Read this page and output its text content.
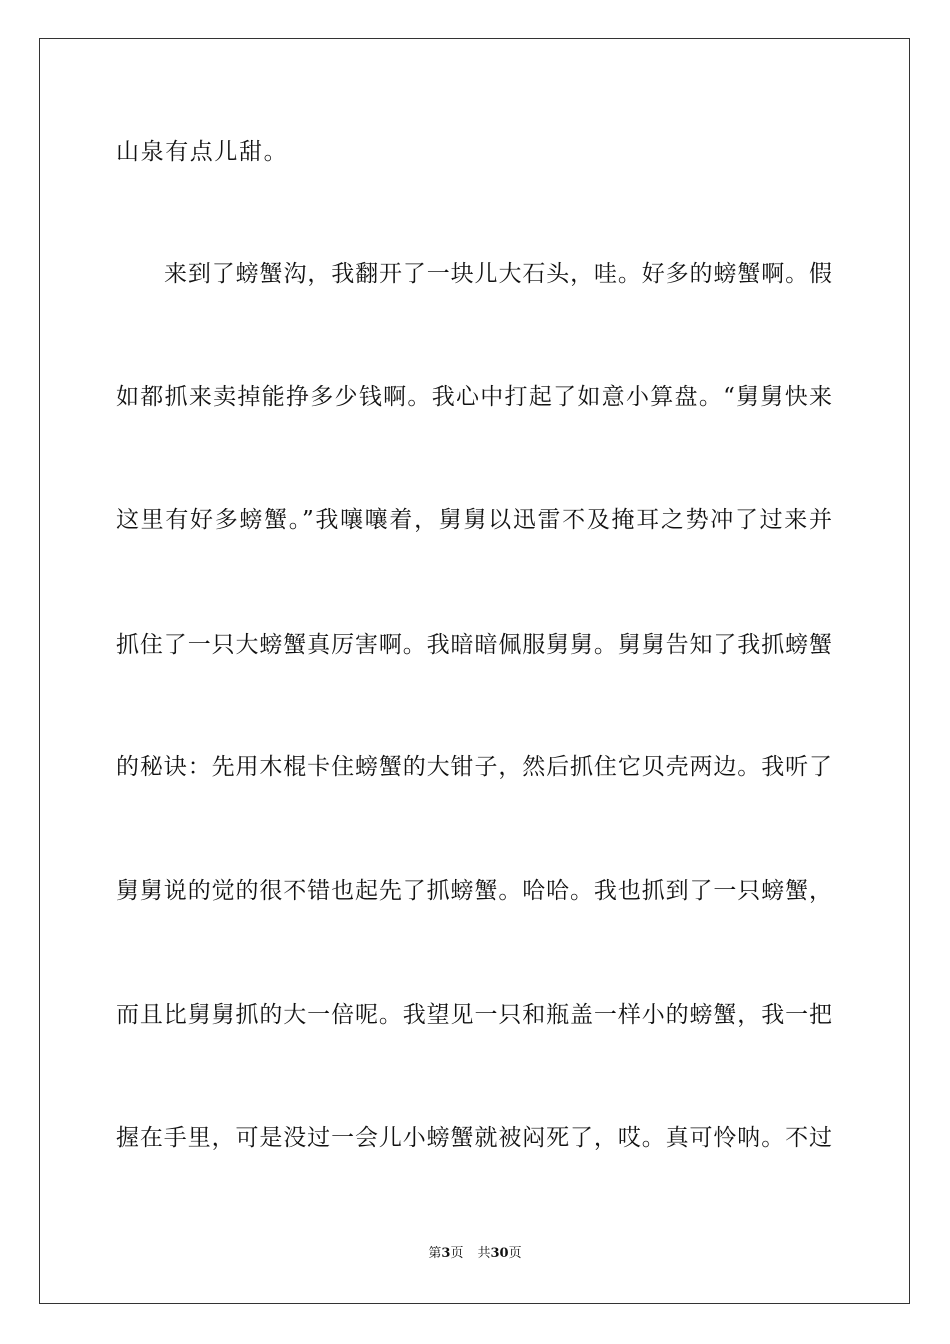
山泉有点儿甜。
来到了螃蟹沟，我翻开了一块儿大石头，哇。好多的螃蟹啊。假
如都抓来卖掉能挣多少钱啊。我心中打起了如意小算盘。“舅舅快来
这里有好多螃蟹。”我嚷嚷着，舅舅以迅雷不及掩耳之势冲了过来并
抓住了一只大螃蟹真厉害啊。我暗暗佩服舅舅。舅舅告知了我抓螃蟹
的秘诀：先用木棍卡住螃蟹的大钳子，然后抓住它贝壳两边。我听了
舅舅说的觉的很不错也起先了抓螃蟹。哈哈。我也抓到了一只螃蟹，
而且比舅舅抓的大一倍呢。我望见一只和瓶盖一样小的螃蟹，我一把
握在手里，可是没过一会儿小螃蟹就被闷死了，哎。真可怜呐。不过
第3页 共30页
